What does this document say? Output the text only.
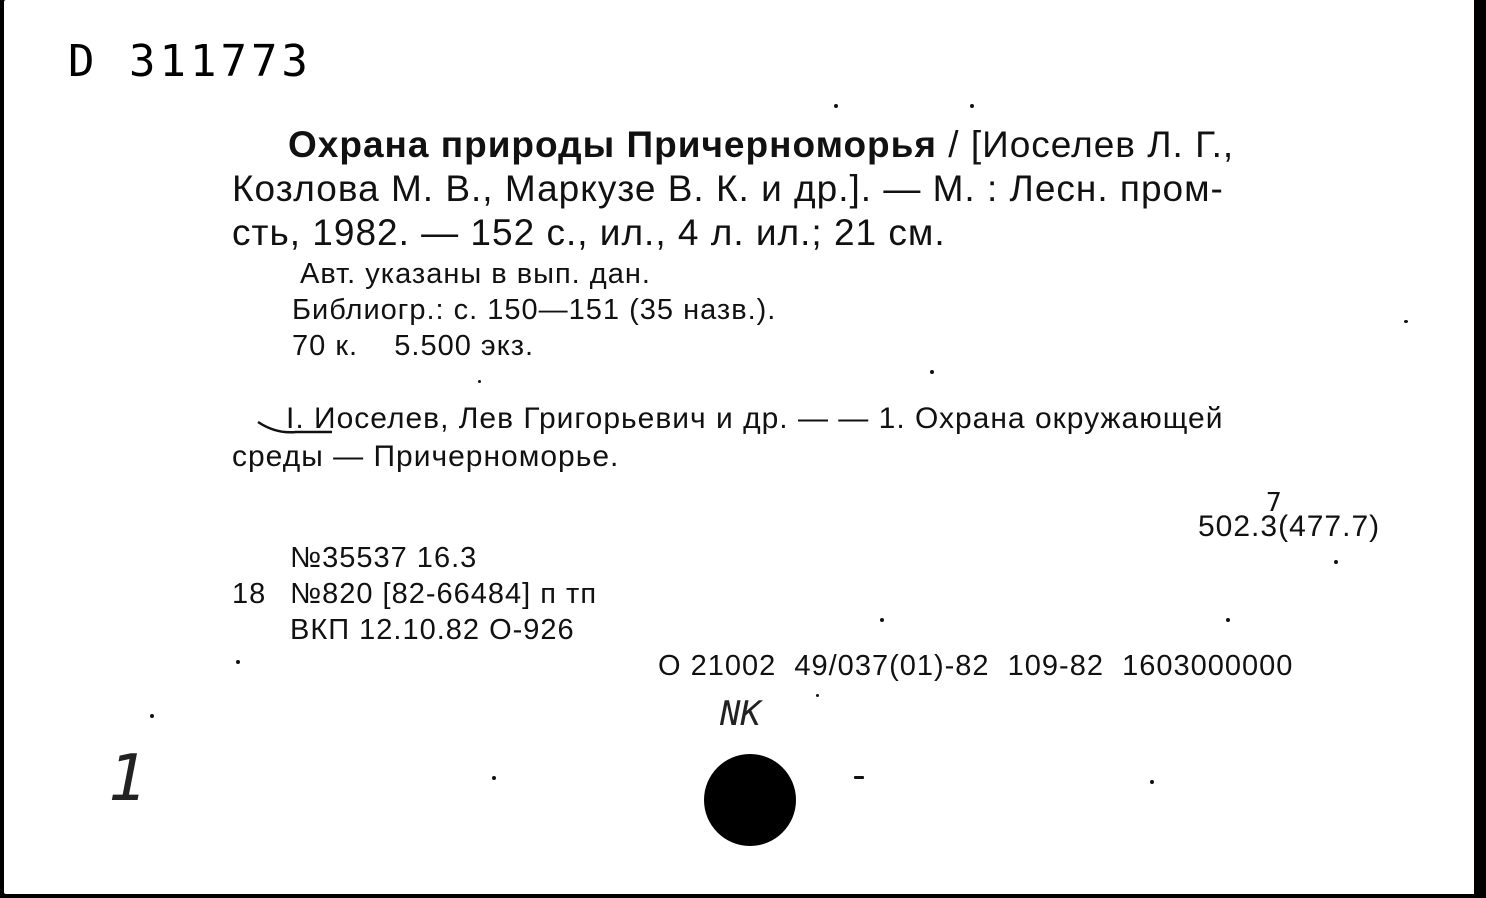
D 311773
Охрана природы Причерноморья / [Иоселев Л. Г.,
Козлова М. В., Маркузе В. К. и др.]. — М. : Лесн. пром-
сть, 1982. — 152 с., ил., 4 л. ил.; 21 см.
Авт. указаны в вып. дан.
Библиогр.: с. 150—151 (35 назв.).
70 к.    5.500 экз.
I. Иоселев, Лев Григорьевич и др. — — 1. Охрана окружающей
среды — Причерноморье.
502.3(477.7)
7
№35537 16.3
18 №820 [82-66484] п тп
ВКП 12.10.82 О-926
О 21002  49/037(01)-82  109-82  1603000000
NK
1
